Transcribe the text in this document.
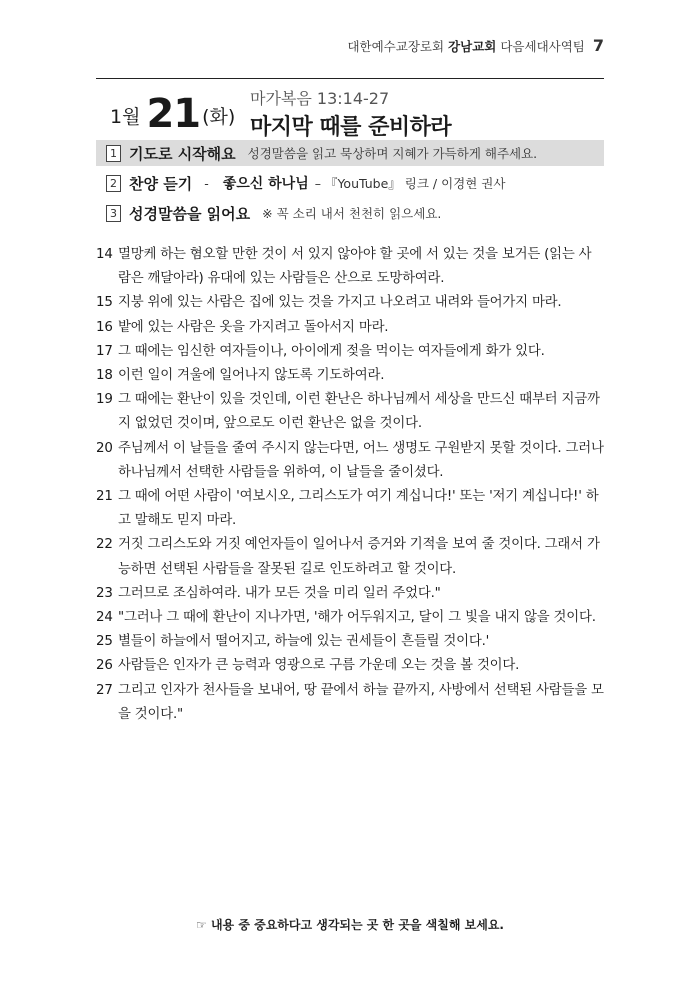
대한예수교장로회 강남교회 다음세대사역팀 7
1월 21 (화)
마가복음 13:14-27
마지막 때를 준비하라
1 기도로 시작해요 성경말씀을 읽고 묵상하며 지혜가 가득하게 해주세요.
2 찬양 듣기 - 좋으신 하나님 – 『YouTube』 링크 / 이경현 권사
3 성경말씀을 읽어요 ※ 꼭 소리 내서 천천히 읽으세요.

14 멸망케 하는 혐오할 만한 것이 서 있지 않아야 할 곳에 서 있는 것을 보거든 (읽는 사람은 깨달아라) 유대에 있는 사람들은 산으로 도망하여라.

15 지붕 위에 있는 사람은 집에 있는 것을 가지고 나오려고 내려와 들어가지 마라.

16 밭에 있는 사람은 옷을 가지려고 돌아서지 마라.

17 그 때에는 임신한 여자들이나, 아이에게 젖을 먹이는 여자들에게 화가 있다.

18 이런 일이 겨울에 일어나지 않도록 기도하여라.

19 그 때에는 환난이 있을 것인데, 이런 환난은 하나님께서 세상을 만드신 때부터 지금까지 없었던 것이며, 앞으로도 이런 환난은 없을 것이다.

20 주님께서 이 날들을 줄여 주시지 않는다면, 어느 생명도 구원받지 못할 것이다. 그러나 하나님께서 선택한 사람들을 위하여, 이 날들을 줄이셨다.

21 그 때에 어떤 사람이 '여보시오, 그리스도가 여기 계십니다!' 또는 '저기 계십니다!' 하고 말해도 믿지 마라.

22 거짓 그리스도와 거짓 예언자들이 일어나서 증거와 기적을 보여 줄 것이다. 그래서 가능하면 선택된 사람들을 잘못된 길로 인도하려고 할 것이다.

23 그러므로 조심하여라. 내가 모든 것을 미리 일러 주었다."

24 "그러나 그 때에 환난이 지나가면, '해가 어두워지고, 달이 그 빛을 내지 않을 것이다.

25 별들이 하늘에서 떨어지고, 하늘에 있는 권세들이 흔들릴 것이다.'

26 사람들은 인자가 큰 능력과 영광으로 구름 가운데 오는 것을 볼 것이다.

27 그리고 인자가 천사들을 보내어, 땅 끝에서 하늘 끝까지, 사방에서 선택된 사람들을 모을 것이다."

☞ 내용 중 중요하다고 생각되는 곳 한 곳을 색칠해 보세요.
